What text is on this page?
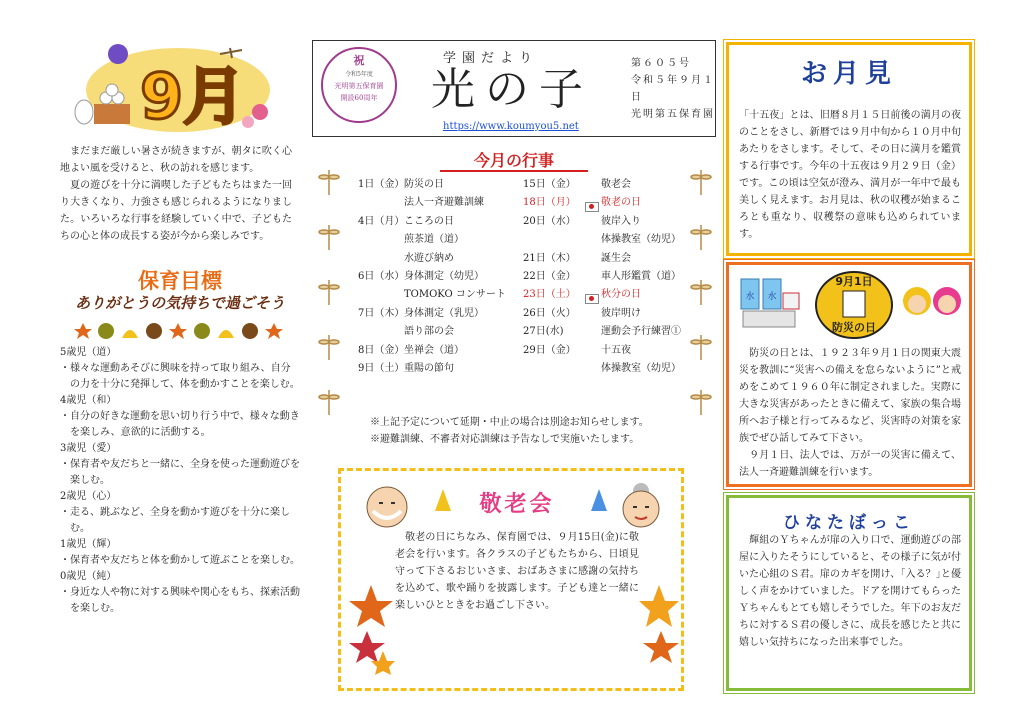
9月

　まだまだ厳しい暑さが続きますが、朝タに吹く心地よい風を受けると、秋の訪れを感じます。

　夏の遊びを十分に満喫した子どもたちはまた一回り大きくなり、力強さも感じられるようになりました。いろいろな行事を経験していく中で、子どもたちの心と体の成長する姿が今から楽しみです。

保育目標
ありがとうの気持ちで過ごそう
5歳児（道）
・様々な運動あそびに興味を持って取り組み、自分の力を十分に発揮して、体を動かすことを楽しむ。
4歳児（和）
・自分の好きな運動を思い切り行う中で、様々な動きを楽しみ、意欲的に活動する。
3歳児（愛）
・保育者や友だちと一緒に、全身を使った運動遊びを楽しむ。
2歳児（心）
・走る、跳ぶなど、全身を動かす遊びを十分に楽しむ。
1歳児（輝）
・保育者や友だちと体を動かして遊ぶことを楽しむ。
0歳児（純）
・身近な人や物に対する興味や関心をもち、探索活動を楽しむ。
祝
令和5年度
光明第五保育園
開設60周年
学園だより
光の子
第６０５号
令和５年９月１日
光明第五保育園
https://www.koumyou5.net
今月の行事
1日（金） 防災の日
法人一斉避難訓練
4日（月） こころの日
煎茶道（道）
水遊び納め
6日（水） 身体測定（幼児）
TOMOKO コンサート
7日（木） 身体測定（乳児）
語り部の会
8日（金） 坐禅会（道）
9日（土） 重陽の節句
15日（金）	敬老会
18日（月）	敬老の日
20日（水）	彼岸入り
体操教室（幼児）
21日（木）	誕生会
22日（金）	車人形鑑賞（道）
23日（土）	秋分の日
26日（火）	彼岸明け
27日(水)	運動会予行練習①
29日（金）	十五夜
体操教室（幼児）
※上記予定について延期・中止の場合は別途お知らせします。
※避難訓練、不審者対応訓練は予告なしで実施いたします。
敬老会
　敬老の日にちなみ、保育園では、９月15日(金)に敬老会を行います。各クラスの子どもたちから、日頃見守って下さるおじいさま、おばあさまに感謝の気持ちを込めて、歌や踊りを披露します。子ども達と一緒に楽しいひとときをお過ごし下さい。
お月見
「十五夜」とは、旧暦８月１５日前後の満月の夜のことをさし、新暦では９月中旬から１０月中旬あたりをさします。そして、その日に満月を鑑賞する行事です。今年の十五夜は９月２９日（金）です。この頃は空気が澄み、満月が一年中で最も美しく見えます。お月見は、秋の収穫が始まるころとも重なり、収穫祭の意味も込められています。
水 水
9月1日
防災の日

　防災の日とは、１９２３年９月１日の関東大震災を教訓に“災害への備えを怠らないように”と戒めをこめて１９６０年に制定されました。実際に大きな災害があったときに備えて、家族の集合場所へお子様と行ってみるなど、災害時の対策を家族でぜひ話してみて下さい。

　９月１日、法人では、万が一の災害に備えて、法人一斉避難訓練を行います。

ひなたぼっこ
　輝組のＹちゃんが扉の入り口で、運動遊びの部屋に入りたそうにしていると、その様子に気が付いた心組のＳ君。扉のカギを開け、｢入る？｣と優しく声をかけていました。ドアを開けてもらったＹちゃんもとても嬉しそうでした。年下のお友だちに対するＳ君の優しさに、成長を感じたと共に嬉しい気持ちになった出来事でした。
